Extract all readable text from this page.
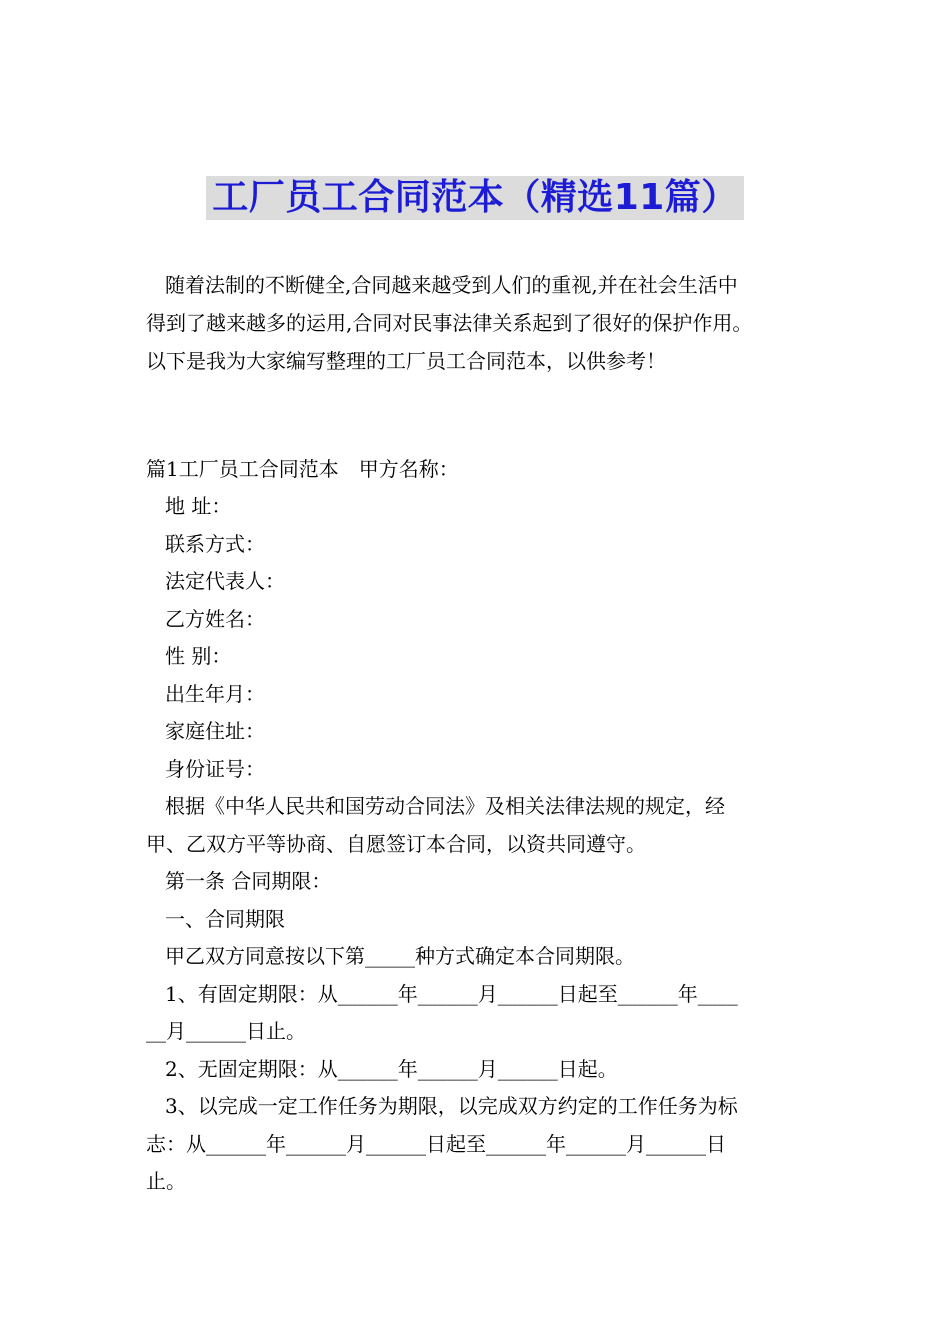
工厂员工合同范本（精选11篇）
随着法制的不断健全,合同越来越受到人们的重视,并在社会生活中
得到了越来越多的运用,合同对民事法律关系起到了很好的保护作用。
以下是我为大家编写整理的工厂员工合同范本，以供参考！
篇1工厂员工合同范本　甲方名称：
地 址：
联系方式：
法定代表人：
乙方姓名：
性 别：
出生年月：
家庭住址：
身份证号：
根据《中华人民共和国劳动合同法》及相关法律法规的规定，经
甲、乙双方平等协商、自愿签订本合同，以资共同遵守。
第一条 合同期限：
一、合同期限
甲乙双方同意按以下第_____种方式确定本合同期限。
1、有固定期限：从______年______月______日起至______年____
__月______日止。
2、无固定期限：从______年______月______日起。
3、以完成一定工作任务为期限，以完成双方约定的工作任务为标
志：从______年______月______日起至______年______月______日
止。
